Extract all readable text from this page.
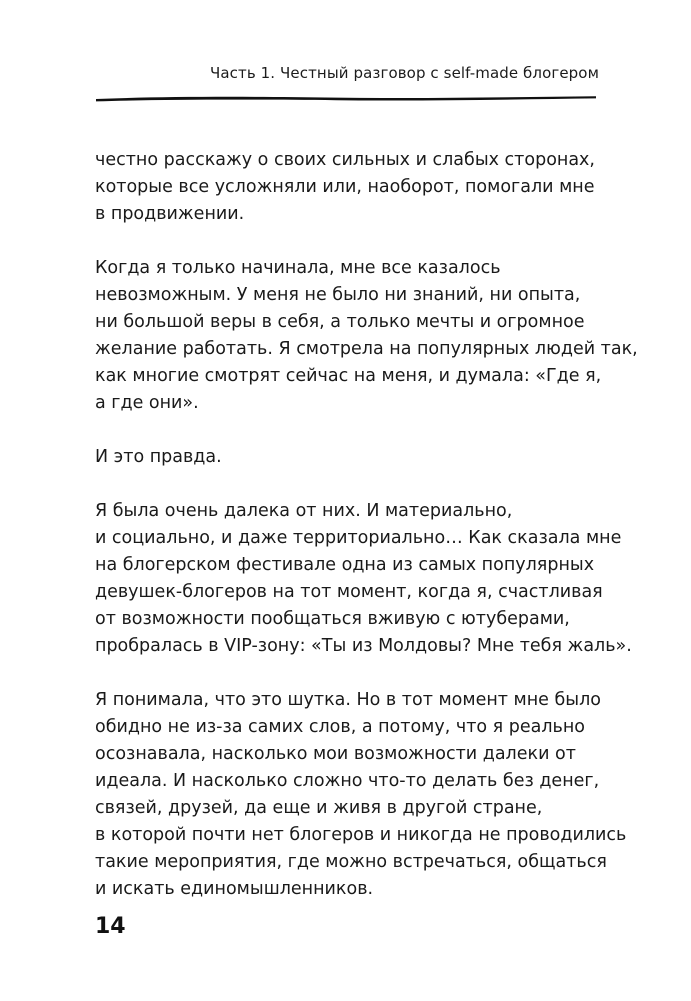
Часть 1. Честный разговор с self-made блогером

честно расскажу о своих сильных и слабых сторонах,
которые все усложняли или, наоборот, помогали мне
в продвижении.

Когда я только начинала, мне все казалось
невозможным. У меня не было ни знаний, ни опыта,
ни большой веры в себя, а только мечты и огромное
желание работать. Я смотрела на популярных людей так,
как многие смотрят сейчас на меня, и думала: «Где я,
а где они».

И это правда.

Я была очень далека от них. И материально,
и социально, и даже территориально… Как сказала мне
на блогерском фестивале одна из самых популярных
девушек-блогеров на тот момент, когда я, счастливая
от возможности пообщаться вживую с ютуберами,
пробралась в VIP-зону: «Ты из Молдовы? Мне тебя жаль».

Я понимала, что это шутка. Но в тот момент мне было
обидно не из-за самих слов, а потому, что я реально
осознавала, насколько мои возможности далеки от
идеала. И насколько сложно что-то делать без денег,
связей, друзей, да еще и живя в другой стране,
в которой почти нет блогеров и никогда не проводились
такие мероприятия, где можно встречаться, общаться
и искать единомышленников.

14
